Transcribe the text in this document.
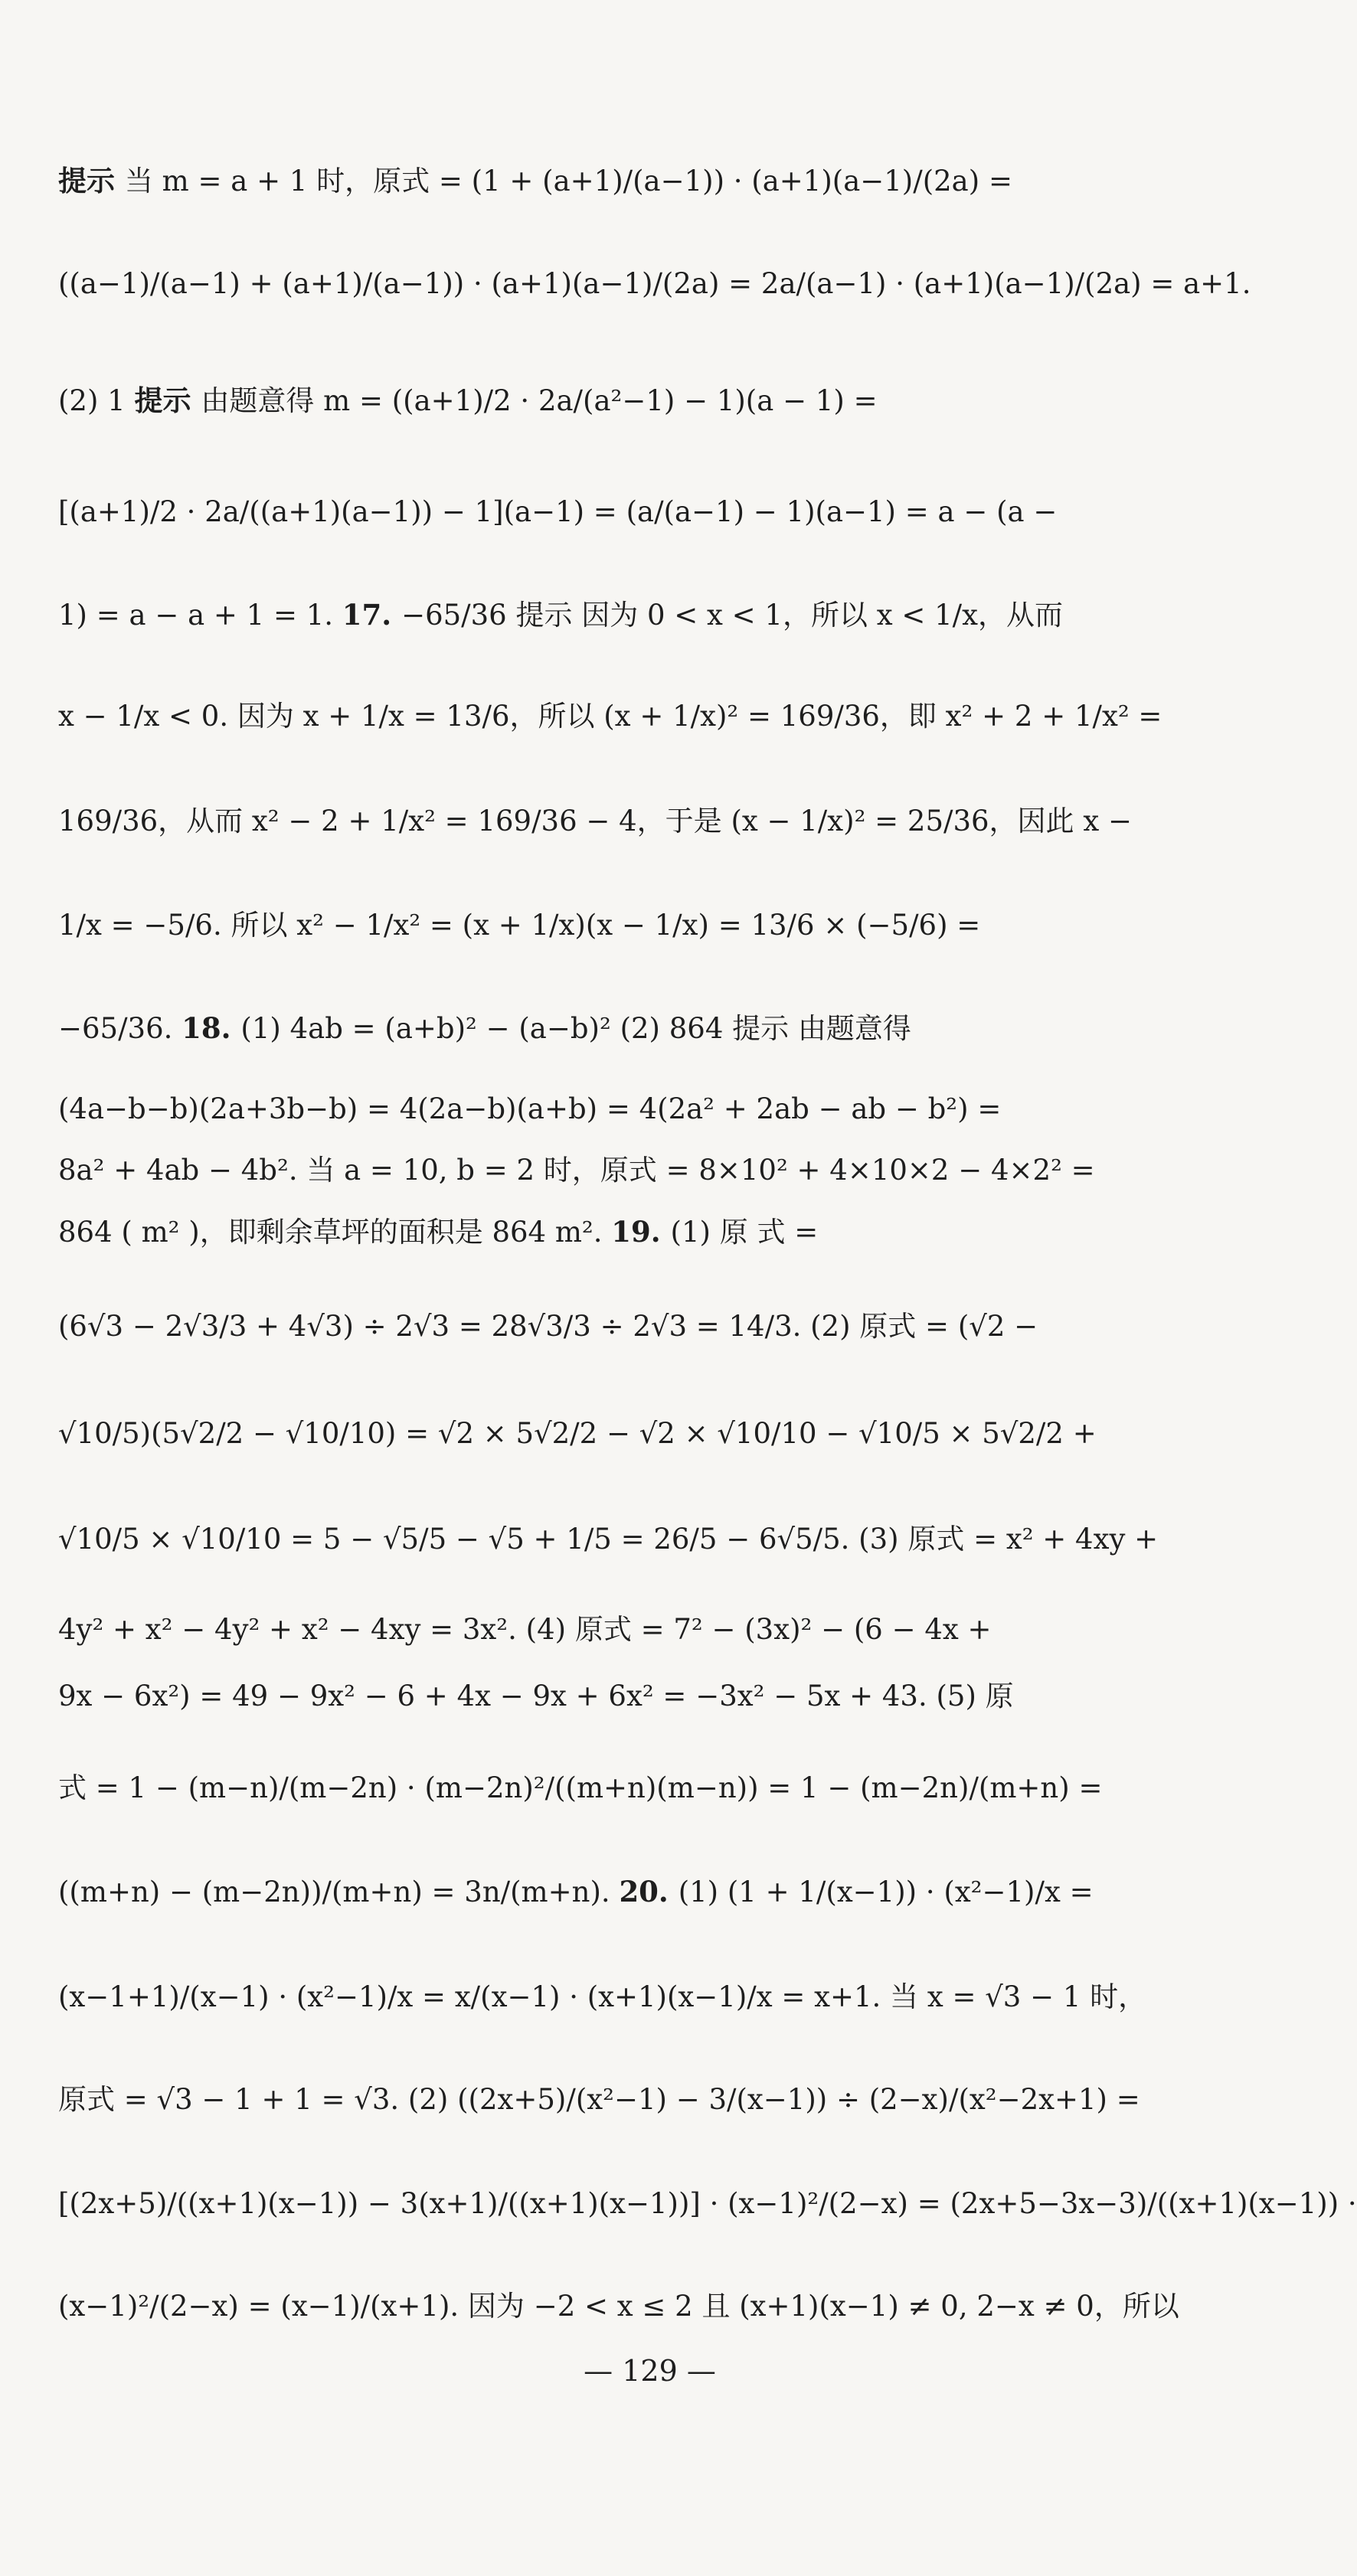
提示 当 m = a + 1 时，原式 = (1 + (a+1)/(a−1)) · (a+1)(a−1)/(2a) =
((a−1)/(a−1) + (a+1)/(a−1)) · (a+1)(a−1)/(2a) = 2a/(a−1) · (a+1)(a−1)/(2a) = a+1.
(2) 1 提示 由题意得 m = ((a+1)/2 · 2a/(a²−1) − 1)(a − 1) =
[(a+1)/2 · 2a/((a+1)(a−1)) − 1](a−1) = (a/(a−1) − 1)(a−1) = a − (a −
1) = a − a + 1 = 1. 17. −65/36 提示 因为 0 < x < 1，所以 x < 1/x，从而
x − 1/x < 0. 因为 x + 1/x = 13/6，所以 (x + 1/x)² = 169/36，即 x² + 2 + 1/x² =
169/36，从而 x² − 2 + 1/x² = 169/36 − 4，于是 (x − 1/x)² = 25/36，因此 x −
1/x = −5/6. 所以 x² − 1/x² = (x + 1/x)(x − 1/x) = 13/6 × (−5/6) =
−65/36. 18. (1) 4ab = (a+b)² − (a−b)² (2) 864 提示 由题意得
(4a−b−b)(2a+3b−b) = 4(2a−b)(a+b) = 4(2a² + 2ab − ab − b²) =
8a² + 4ab − 4b². 当 a = 10, b = 2 时，原式 = 8×10² + 4×10×2 − 4×2² =
864 ( m² )，即剩余草坪的面积是 864 m². 19. (1) 原 式 =
(6√3 − 2√3/3 + 4√3) ÷ 2√3 = 28√3/3 ÷ 2√3 = 14/3. (2) 原式 = (√2 −
√10/5)(5√2/2 − √10/10) = √2 × 5√2/2 − √2 × √10/10 − √10/5 × 5√2/2 +
√10/5 × √10/10 = 5 − √5/5 − √5 + 1/5 = 26/5 − 6√5/5. (3) 原式 = x² + 4xy +
4y² + x² − 4y² + x² − 4xy = 3x². (4) 原式 = 7² − (3x)² − (6 − 4x +
9x − 6x²) = 49 − 9x² − 6 + 4x − 9x + 6x² = −3x² − 5x + 43. (5) 原
式 = 1 − (m−n)/(m−2n) · (m−2n)²/((m+n)(m−n)) = 1 − (m−2n)/(m+n) =
((m+n) − (m−2n))/(m+n) = 3n/(m+n). 20. (1) (1 + 1/(x−1)) · (x²−1)/x =
(x−1+1)/(x−1) · (x²−1)/x = x/(x−1) · (x+1)(x−1)/x = x+1. 当 x = √3 − 1 时，
原式 = √3 − 1 + 1 = √3. (2) ((2x+5)/(x²−1) − 3/(x−1)) ÷ (2−x)/(x²−2x+1) =
[(2x+5)/((x+1)(x−1)) − 3(x+1)/((x+1)(x−1))] · (x−1)²/(2−x) = (2x+5−3x−3)/((x+1)(x−1)) ·
(x−1)²/(2−x) = (x−1)/(x+1). 因为 −2 < x ≤ 2 且 (x+1)(x−1) ≠ 0, 2−x ≠ 0，所以
— 129 —
